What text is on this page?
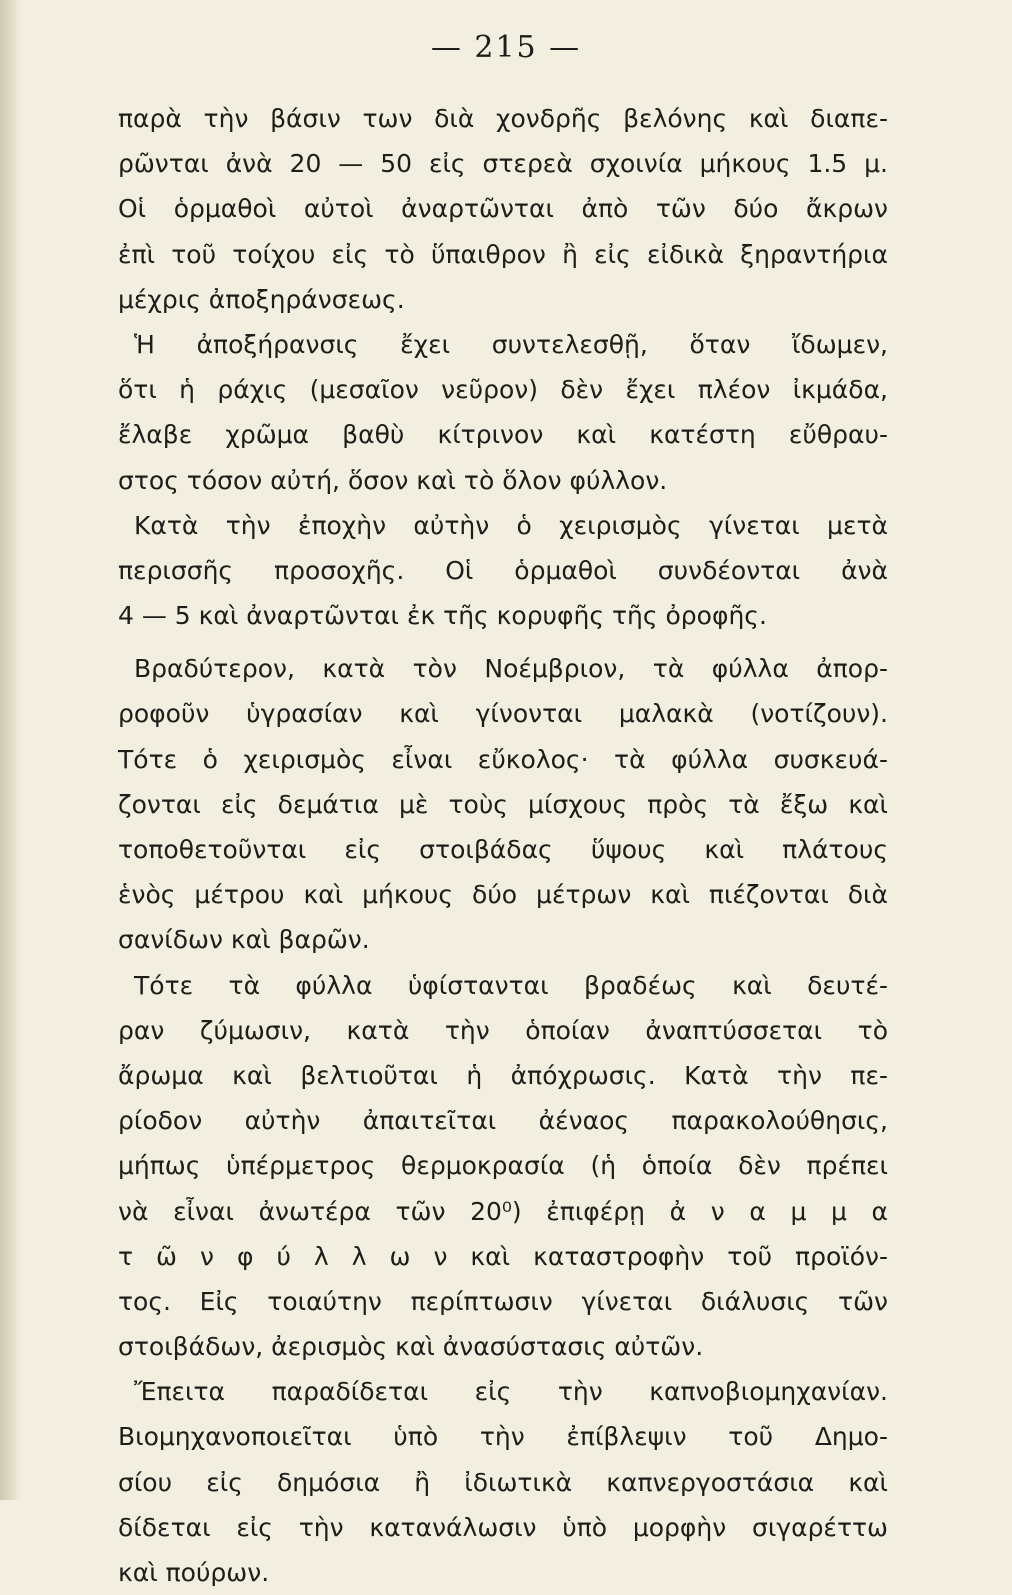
— 215 —
παρὰ τὴν βάσιν των διὰ χονδρῆς βελόνης καὶ διαπε-
ρῶνται ἀνὰ 20 — 50 εἰς στερεὰ σχοινία μήκους 1.5 μ.
Οἱ ὁρμαθοὶ αὐτοὶ ἀναρτῶνται ἀπὸ τῶν δύο ἄκρων
ἐπὶ τοῦ τοίχου εἰς τὸ ὕπαιθρον ἢ εἰς εἰδικὰ ξηραντήρια
μέχρις ἀποξηράνσεως.
Ἡ ἀποξήρανσις ἔχει συντελεσθῇ, ὅταν ἴδωμεν,
ὅτι ἡ ράχις (μεσαῖον νεῦρον) δὲν ἔχει πλέον ἰκμάδα,
ἔλαβε χρῶμα βαθὺ κίτρινον καὶ κατέστη εὔθραυ-
στος τόσον αὐτή, ὅσον καὶ τὸ ὅλον φύλλον.
Κατὰ τὴν ἐποχὴν αὐτὴν ὁ χειρισμὸς γίνεται μετὰ
περισσῆς προσοχῆς. Οἱ ὁρμαθοὶ συνδέονται ἀνὰ
4 — 5 καὶ ἀναρτῶνται ἐκ τῆς κορυφῆς τῆς ὀροφῆς.
Βραδύτερον, κατὰ τὸν Νοέμβριον, τὰ φύλλα ἀπορ-
ροφοῦν ὑγρασίαν καὶ γίνονται μαλακὰ (νοτίζουν).
Τότε ὁ χειρισμὸς εἶναι εὔκολος· τὰ φύλλα συσκευά-
ζονται εἰς δεμάτια μὲ τοὺς μίσχους πρὸς τὰ ἔξω καὶ
τοποθετοῦνται εἰς στοιβάδας ὕψους καὶ πλάτους
ἑνὸς μέτρου καὶ μήκους δύο μέτρων καὶ πιέζονται διὰ
σανίδων καὶ βαρῶν.
Τότε τὰ φύλλα ὑφίστανται βραδέως καὶ δευτέ-
ραν ζύμωσιν, κατὰ τὴν ὁποίαν ἀναπτύσσεται τὸ
ἄρωμα καὶ βελτιοῦται ἡ ἀπόχρωσις. Κατὰ τὴν πε-
ρίοδον αὐτὴν ἀπαιτεῖται ἀέναος παρακολούθησις,
μήπως ὑπέρμετρος θερμοκρασία (ἡ ὁποία δὲν πρέπει
νὰ εἶναι ἀνωτέρα τῶν 20⁰) ἐπιφέρῃ ἀ ν α μ μ α
τ ῶ ν φ ύ λ λ ω ν καὶ καταστροφὴν τοῦ προϊόν-
τος. Εἰς τοιαύτην περίπτωσιν γίνεται διάλυσις τῶν
στοιβάδων, ἀερισμὸς καὶ ἀνασύστασις αὐτῶν.
Ἔπειτα παραδίδεται εἰς τὴν καπνοβιομηχανίαν.
Βιομηχανοποιεῖται ὑπὸ τὴν ἐπίβλεψιν τοῦ Δημο-
σίου εἰς δημόσια ἢ ἰδιωτικὰ καπνεργοστάσια καὶ
δίδεται εἰς τὴν κατανάλωσιν ὑπὸ μορφὴν σιγαρέττω
καὶ πούρων.
